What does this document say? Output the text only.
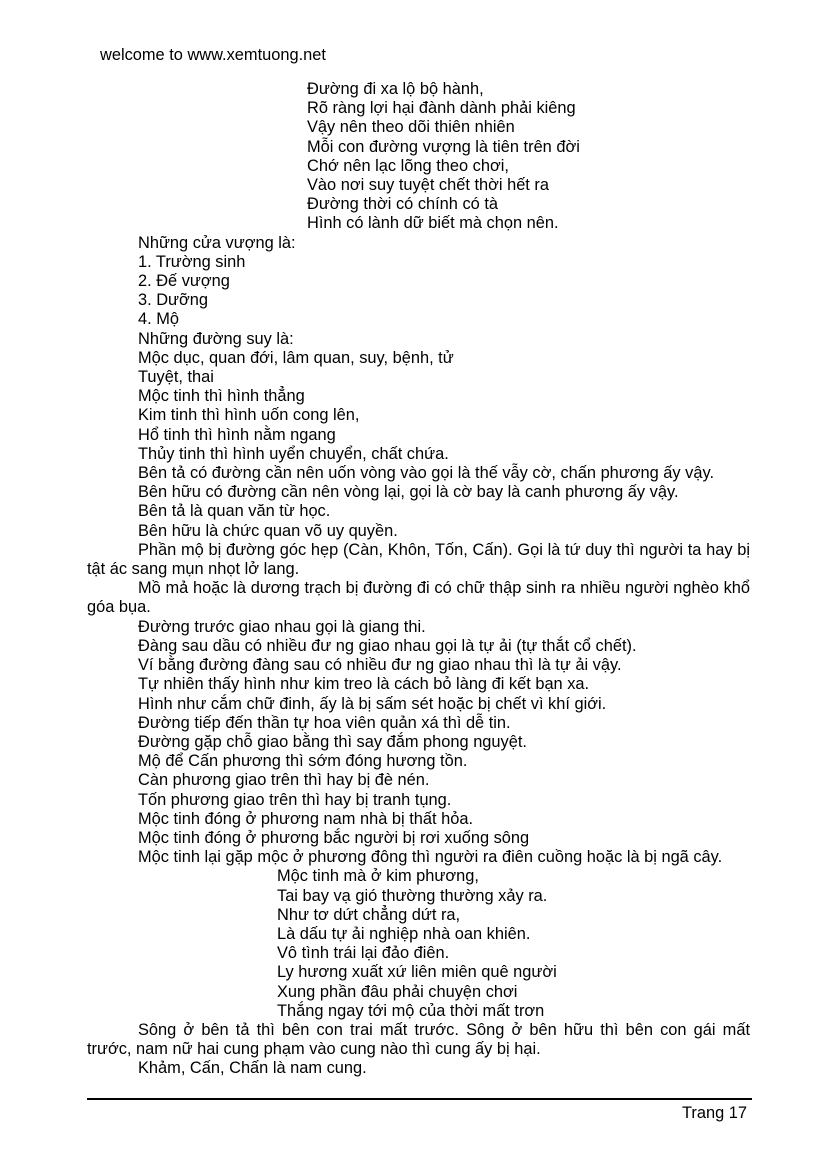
welcome to www.xemtuong.net
Đường đi xa lộ bộ hành,
Rõ ràng lợi hại đành dành phải kiêng
Vậy nên theo dõi thiên nhiên
Mỗi con đường vượng là tiên trên đời
Chớ nên lạc lõng theo chơi,
Vào nơi suy tuyệt chết thời hết ra
Đường thời có chính có tà
Hình có lành dữ biết mà chọn nên.
Những cửa vượng là:
1. Trường sinh
2. Đế vượng
3. Dưỡng
4. Mộ
Những đường suy là:
Mộc dục, quan đới, lâm quan, suy, bệnh, tử
Tuyệt, thai
Mộc tinh thì hình thẳng
Kim tinh thì hình uốn cong lên,
Hổ tinh thì hình nằm ngang
Thủy tinh thì hình uyển chuyển, chất chứa.
Bên tả có đường cần nên uốn vòng vào gọi là thế vẫy cờ, chấn phương ấy vậy.
Bên hữu có đường cần nên vòng lại, gọi là cờ bay là canh phương ấy vậy.
Bên tả là quan văn từ học.
Bên hữu là chức quan võ uy quyền.
Phần mộ bị đường góc hẹp (Càn, Khôn, Tốn, Cấn). Gọi là tứ duy thì người ta hay bị tật ác sang mụn nhọt lở lang.
Mồ mả hoặc là dương trạch bị đường đi có chữ thập sinh ra nhiều người nghèo khổ góa bụa.
Đường trước giao nhau gọi là giang thi.
Đàng sau dầu có nhiều đư ng giao nhau gọi là tự ải (tự thắt cổ chết).
Ví bằng đường đàng sau có nhiều đư ng giao nhau thì là tự ải vậy.
Tự nhiên thấy hình như kim treo là cách bỏ làng đi kết bạn xa.
Hình như cắm chữ đinh, ấy là bị sấm sét hoặc bị chết vì khí giới.
Đường tiếp đến thần tự hoa viên quản xá thì dễ tin.
Đường gặp chỗ giao bằng thì say đắm phong nguyệt.
Mộ để Cấn phương thì sớm đóng hương tồn.
Càn phương giao trên thì hay bị đè nén.
Tốn phương giao trên thì hay bị tranh tụng.
Mộc tinh đóng ở phương nam nhà bị thất hỏa.
Mộc tinh đóng ở phương bắc người bị rơi xuống sông
Mộc tinh lại gặp mộc ở phương đông thì người ra điên cuồng hoặc là bị ngã cây.
Mộc tinh mà ở kim phương,
Tai bay vạ gió thường thường xảy ra.
Như tơ dứt chẳng dứt ra,
Là dấu tự ải nghiệp nhà oan khiên.
Vô tình trái lại đảo điên.
Ly hương xuất xứ liên miên quê người
Xung phần đâu phải chuyện chơi
Thắng ngay tới mộ của thời mất trơn
Sông ở bên tả thì bên con trai mất trước. Sông ở bên hữu thì bên con gái mất trước, nam nữ hai cung phạm vào cung nào thì cung ấy bị hại.
Khảm, Cấn, Chấn là nam cung.
Trang 17
